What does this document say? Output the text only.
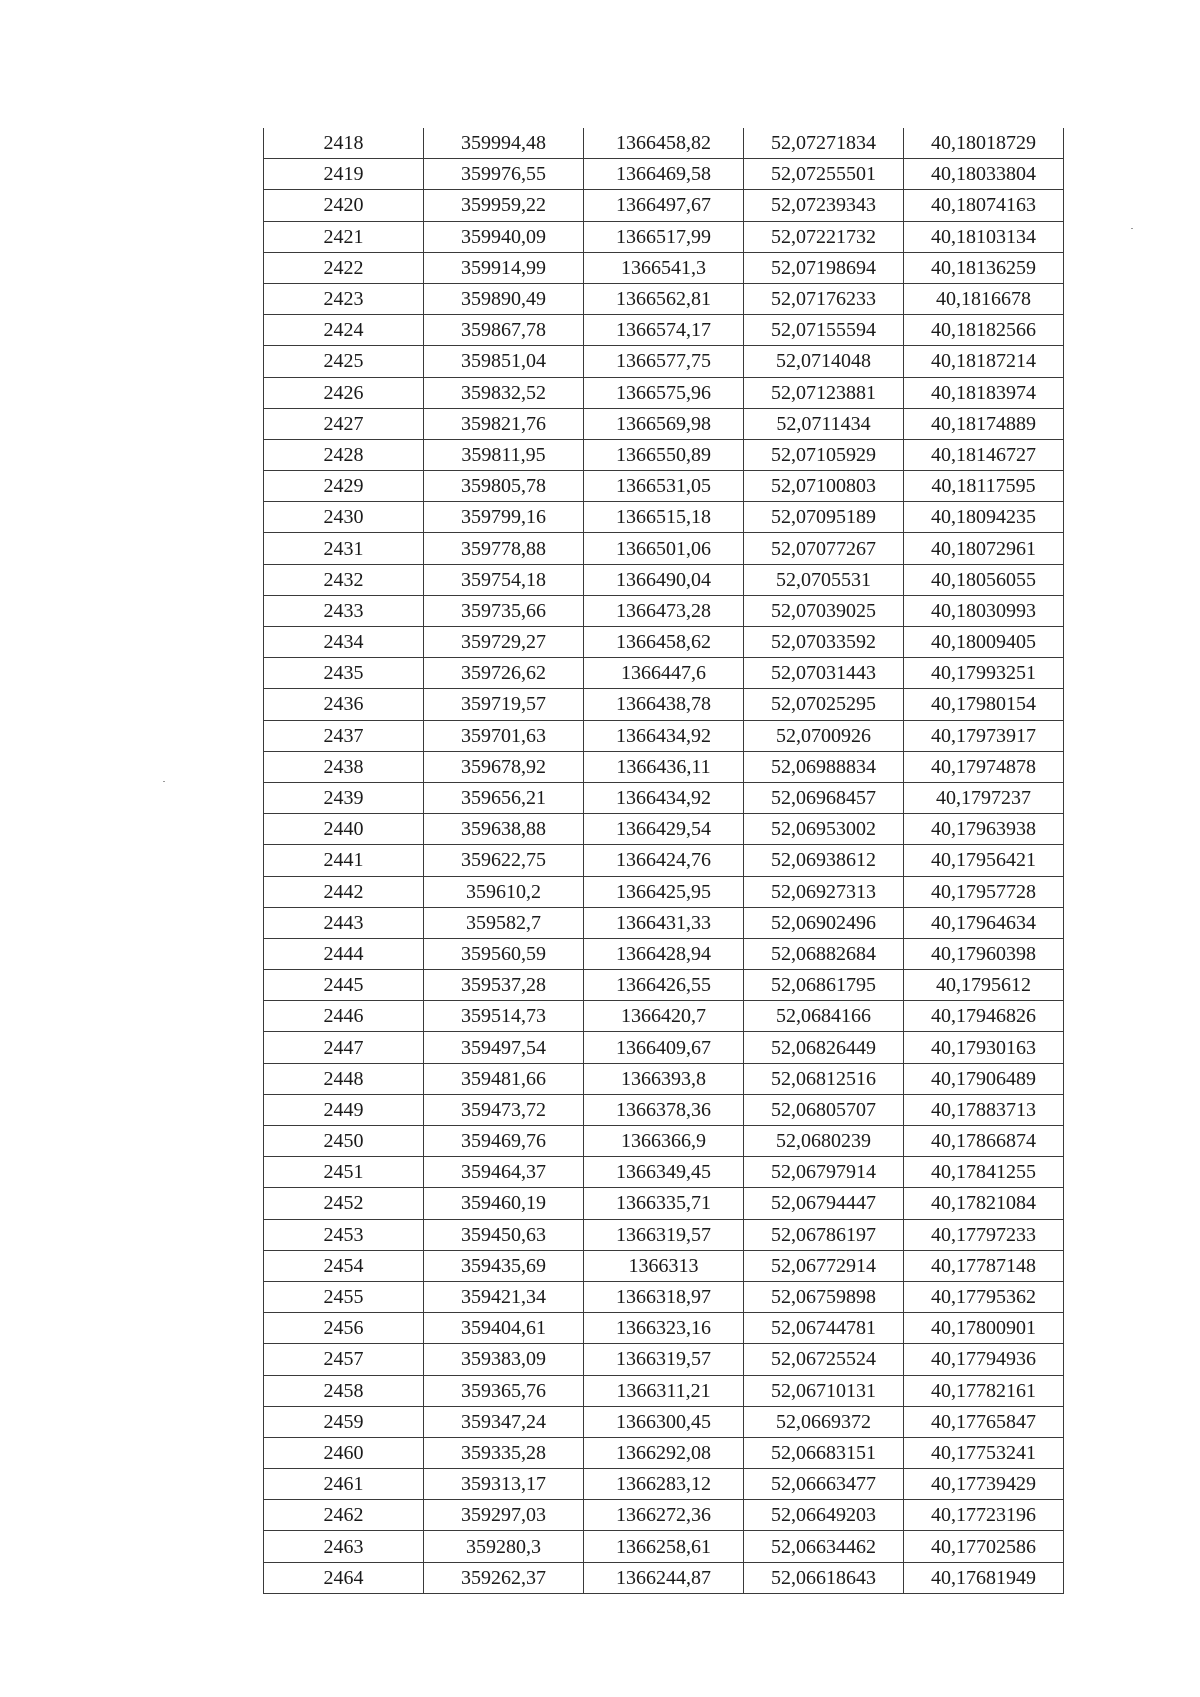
2418	359994,48	1366458,82	52,07271834	40,18018729
2419	359976,55	1366469,58	52,07255501	40,18033804
2420	359959,22	1366497,67	52,07239343	40,18074163
2421	359940,09	1366517,99	52,07221732	40,18103134
2422	359914,99	1366541,3	52,07198694	40,18136259
2423	359890,49	1366562,81	52,07176233	40,1816678
2424	359867,78	1366574,17	52,07155594	40,18182566
2425	359851,04	1366577,75	52,0714048	40,18187214
2426	359832,52	1366575,96	52,07123881	40,18183974
2427	359821,76	1366569,98	52,0711434	40,18174889
2428	359811,95	1366550,89	52,07105929	40,18146727
2429	359805,78	1366531,05	52,07100803	40,18117595
2430	359799,16	1366515,18	52,07095189	40,18094235
2431	359778,88	1366501,06	52,07077267	40,18072961
2432	359754,18	1366490,04	52,0705531	40,18056055
2433	359735,66	1366473,28	52,07039025	40,18030993
2434	359729,27	1366458,62	52,07033592	40,18009405
2435	359726,62	1366447,6	52,07031443	40,17993251
2436	359719,57	1366438,78	52,07025295	40,17980154
2437	359701,63	1366434,92	52,0700926	40,17973917
2438	359678,92	1366436,11	52,06988834	40,17974878
2439	359656,21	1366434,92	52,06968457	40,1797237
2440	359638,88	1366429,54	52,06953002	40,17963938
2441	359622,75	1366424,76	52,06938612	40,17956421
2442	359610,2	1366425,95	52,06927313	40,17957728
2443	359582,7	1366431,33	52,06902496	40,17964634
2444	359560,59	1366428,94	52,06882684	40,17960398
2445	359537,28	1366426,55	52,06861795	40,1795612
2446	359514,73	1366420,7	52,0684166	40,17946826
2447	359497,54	1366409,67	52,06826449	40,17930163
2448	359481,66	1366393,8	52,06812516	40,17906489
2449	359473,72	1366378,36	52,06805707	40,17883713
2450	359469,76	1366366,9	52,0680239	40,17866874
2451	359464,37	1366349,45	52,06797914	40,17841255
2452	359460,19	1366335,71	52,06794447	40,17821084
2453	359450,63	1366319,57	52,06786197	40,17797233
2454	359435,69	1366313	52,06772914	40,17787148
2455	359421,34	1366318,97	52,06759898	40,17795362
2456	359404,61	1366323,16	52,06744781	40,17800901
2457	359383,09	1366319,57	52,06725524	40,17794936
2458	359365,76	1366311,21	52,06710131	40,17782161
2459	359347,24	1366300,45	52,0669372	40,17765847
2460	359335,28	1366292,08	52,06683151	40,17753241
2461	359313,17	1366283,12	52,06663477	40,17739429
2462	359297,03	1366272,36	52,06649203	40,17723196
2463	359280,3	1366258,61	52,06634462	40,17702586
2464	359262,37	1366244,87	52,06618643	40,17681949
